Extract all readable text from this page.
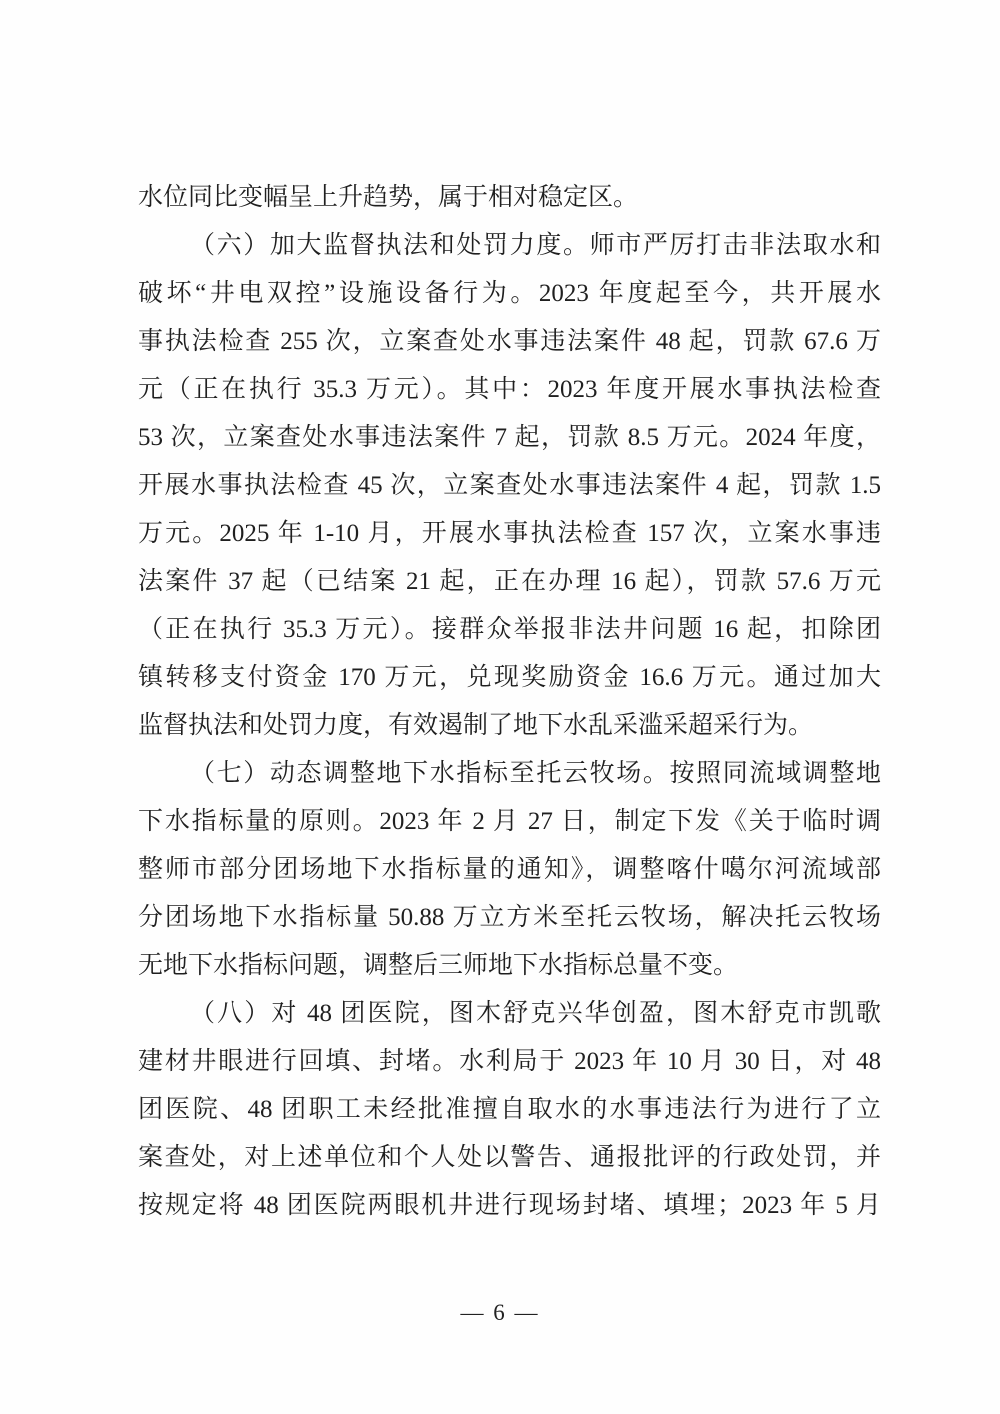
水位同比变幅呈上升趋势，属于相对稳定区。
（六）加大监督执法和处罚力度。师市严厉打击非法取水和
破坏“井电双控”设施设备行为。2023 年度起至今，共开展水
事执法检查 255 次，立案查处水事违法案件 48 起，罚款 67.6 万
元（正在执行 35.3 万元）。其中：2023 年度开展水事执法检查
53 次，立案查处水事违法案件 7 起，罚款 8.5 万元。2024 年度，
开展水事执法检查 45 次，立案查处水事违法案件 4 起，罚款 1.5
万元。2025 年 1-10 月，开展水事执法检查 157 次，立案水事违
法案件 37 起（已结案 21 起，正在办理 16 起），罚款 57.6 万元
（正在执行 35.3 万元）。接群众举报非法井问题 16 起，扣除团
镇转移支付资金 170 万元，兑现奖励资金 16.6 万元。通过加大
监督执法和处罚力度，有效遏制了地下水乱采滥采超采行为。
（七）动态调整地下水指标至托云牧场。按照同流域调整地
下水指标量的原则。2023 年 2 月 27 日，制定下发《关于临时调
整师市部分团场地下水指标量的通知》，调整喀什噶尔河流域部
分团场地下水指标量 50.88 万立方米至托云牧场，解决托云牧场
无地下水指标问题，调整后三师地下水指标总量不变。
（八）对 48 团医院，图木舒克兴华创盈，图木舒克市凯歌
建材井眼进行回填、封堵。水利局于 2023 年 10 月 30 日，对 48
团医院、48 团职工未经批准擅自取水的水事违法行为进行了立
案查处，对上述单位和个人处以警告、通报批评的行政处罚，并
按规定将 48 团医院两眼机井进行现场封堵、填埋；2023 年 5 月
— 6 —
